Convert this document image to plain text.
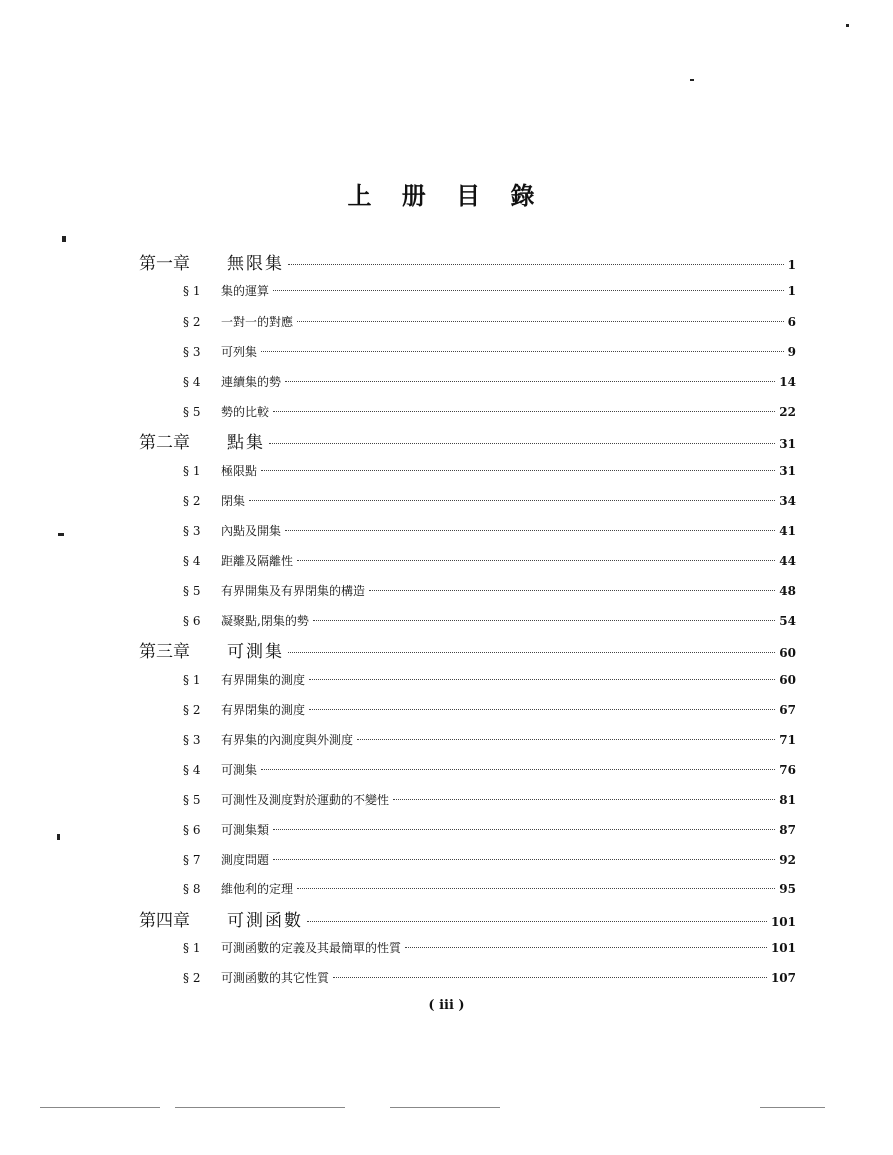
上 册 目 錄
第一章	無限集	1
§ 1	集的運算	1
§ 2	一對一的對應	6
§ 3	可列集	9
§ 4	連續集的勢	14
§ 5	勢的比較	22
第二章	點集	31
§ 1	極限點	31
§ 2	閉集	34
§ 3	內點及開集	41
§ 4	距離及隔離性	44
§ 5	有界開集及有界閉集的構造	48
§ 6	凝聚點,閉集的勢	54
第三章	可測集	60
§ 1	有界開集的測度	60
§ 2	有界閉集的測度	67
§ 3	有界集的內測度與外測度	71
§ 4	可測集	76
§ 5	可測性及測度對於運動的不變性	81
§ 6	可測集類	87
§ 7	測度問題	92
§ 8	維他利的定理	95
第四章	可測函數	101
§ 1	可測函數的定義及其最簡單的性質	101
§ 2	可測函數的其它性質	107
( iii )
